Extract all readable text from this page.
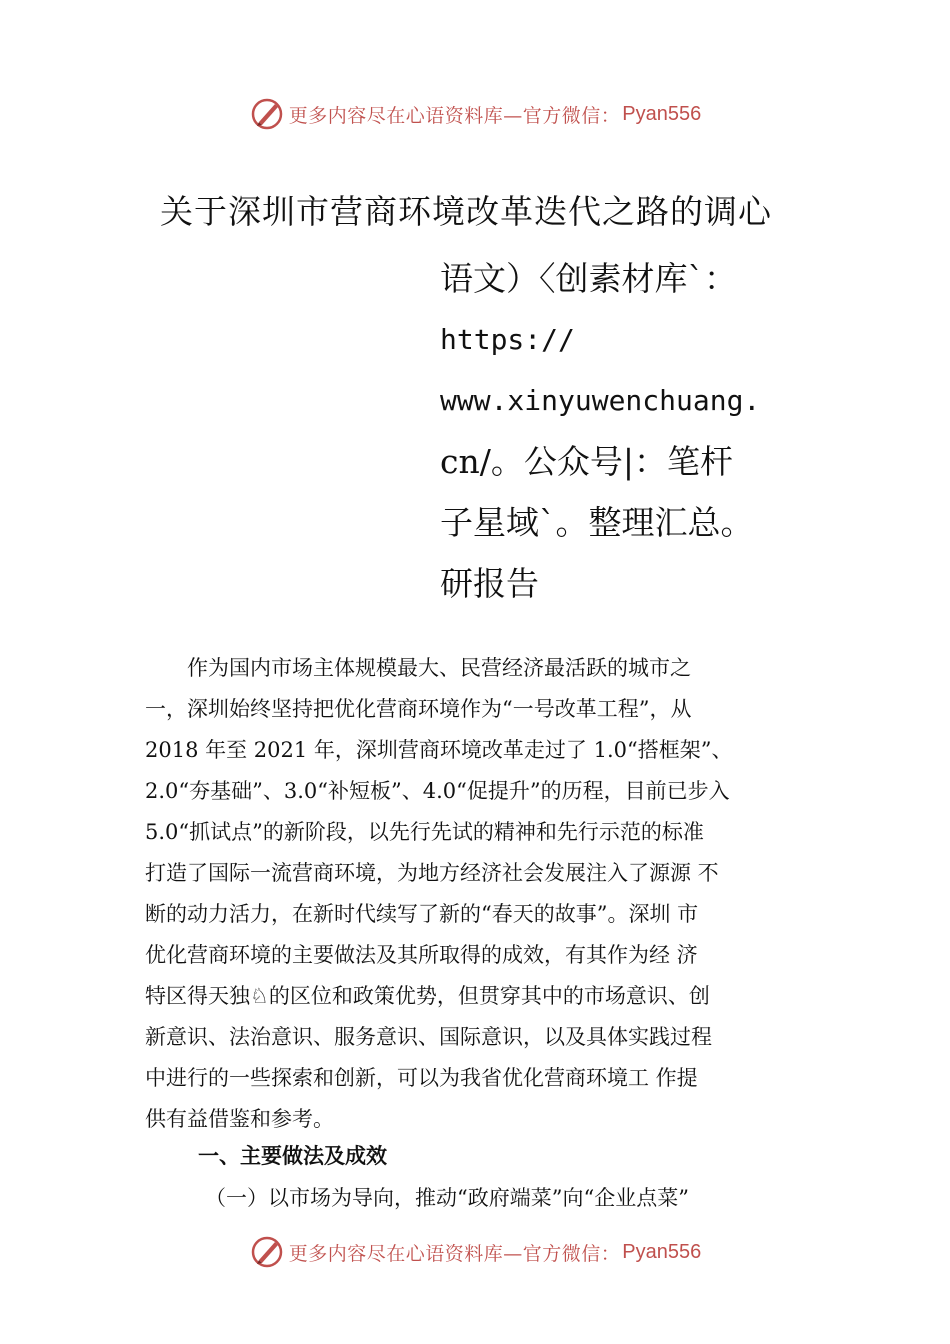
更多内容尽在心语资料库—官方微信： Pyan556
关于深圳市营商环境改革迭代之路的调心
语文）〈创素材库`：
https://
www.xinyuwenchuang.
cn/。公众号|：笔杆
子星域`。整理汇总。
研报告
　　作为国内市场主体规模最大、民营经济最活跃的城市之
一，深圳始终坚持把优化营商环境作为“一号改革工程”，从
2018 年至 2021 年，深圳营商环境改革走过了 1.0“搭框架”、
2.0“夯基础”、3.0“补短板”、4.0“促提升”的历程，目前已步入
5.0“抓试点”的新阶段，以先行先试的精神和先行示范的标准
打造了国际一流营商环境，为地方经济社会发展注入了源源 不
断的动力活力，在新时代续写了新的“春天的故事”。深圳 市
优化营商环境的主要做法及其所取得的成效，有其作为经 济
特区得天独♘的区位和政策优势，但贯穿其中的市场意识、创
新意识、法治意识、服务意识、国际意识，以及具体实践过程
中进行的一些探索和创新，可以为我省优化营商环境工 作提
供有益借鉴和参考。
一、主要做法及成效
（一）以市场为导向，推动“政府端菜”向“企业点菜”
更多内容尽在心语资料库—官方微信： Pyan556
